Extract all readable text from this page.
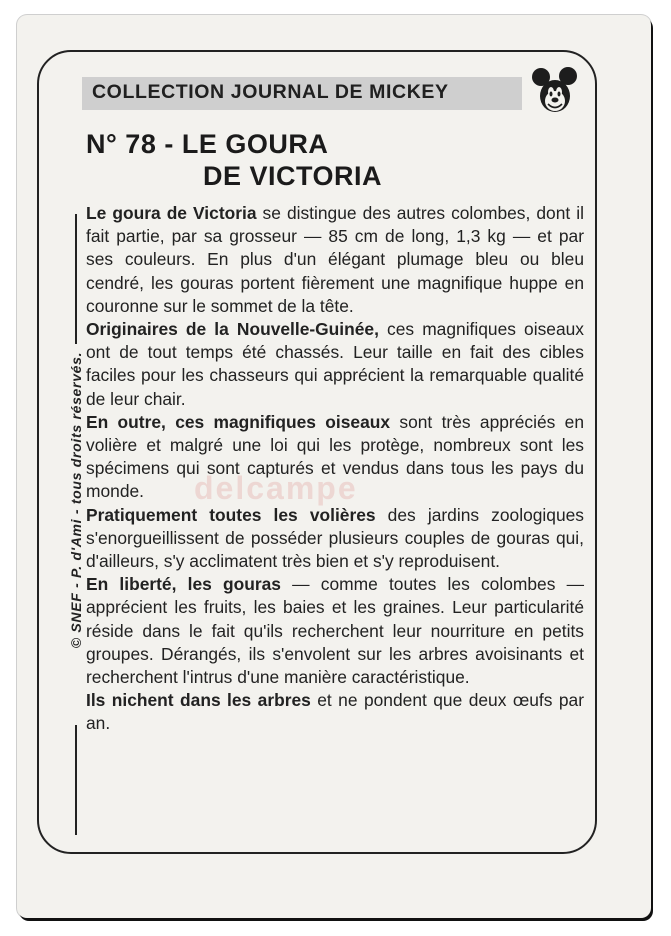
COLLECTION JOURNAL DE MICKEY
N° 78 - LE GOURA
DE VICTORIA
© SNEF - P. d'Ami - tous droits réservés.

Le goura de Victoria se distingue des autres colombes, dont il fait partie, par sa grosseur — 85 cm de long, 1,3 kg — et par ses couleurs. En plus d'un élégant plumage bleu ou bleu cendré, les gouras portent fièrement une magnifique huppe en couronne sur le sommet de la tête.

Originaires de la Nouvelle-Guinée, ces magnifiques oiseaux ont de tout temps été chassés. Leur taille en fait des cibles faciles pour les chasseurs qui apprécient la remarquable qualité de leur chair.

En outre, ces magnifiques oiseaux sont très appréciés en volière et malgré une loi qui les protège, nombreux sont les spécimens qui sont capturés et vendus dans tous les pays du monde.

Pratiquement toutes les volières des jardins zoologiques s'enorgueillissent de posséder plusieurs couples de gouras qui, d'ailleurs, s'y acclimatent très bien et s'y reproduisent.

En liberté, les gouras — comme toutes les colombes — apprécient les fruits, les baies et les graines. Leur particularité réside dans le fait qu'ils recherchent leur nourriture en petits groupes. Dérangés, ils s'envolent sur les arbres avoisinants et recherchent l'intrus d'une manière caractéristique.

Ils nichent dans les arbres et ne pondent que deux œufs par an.

delcampe
